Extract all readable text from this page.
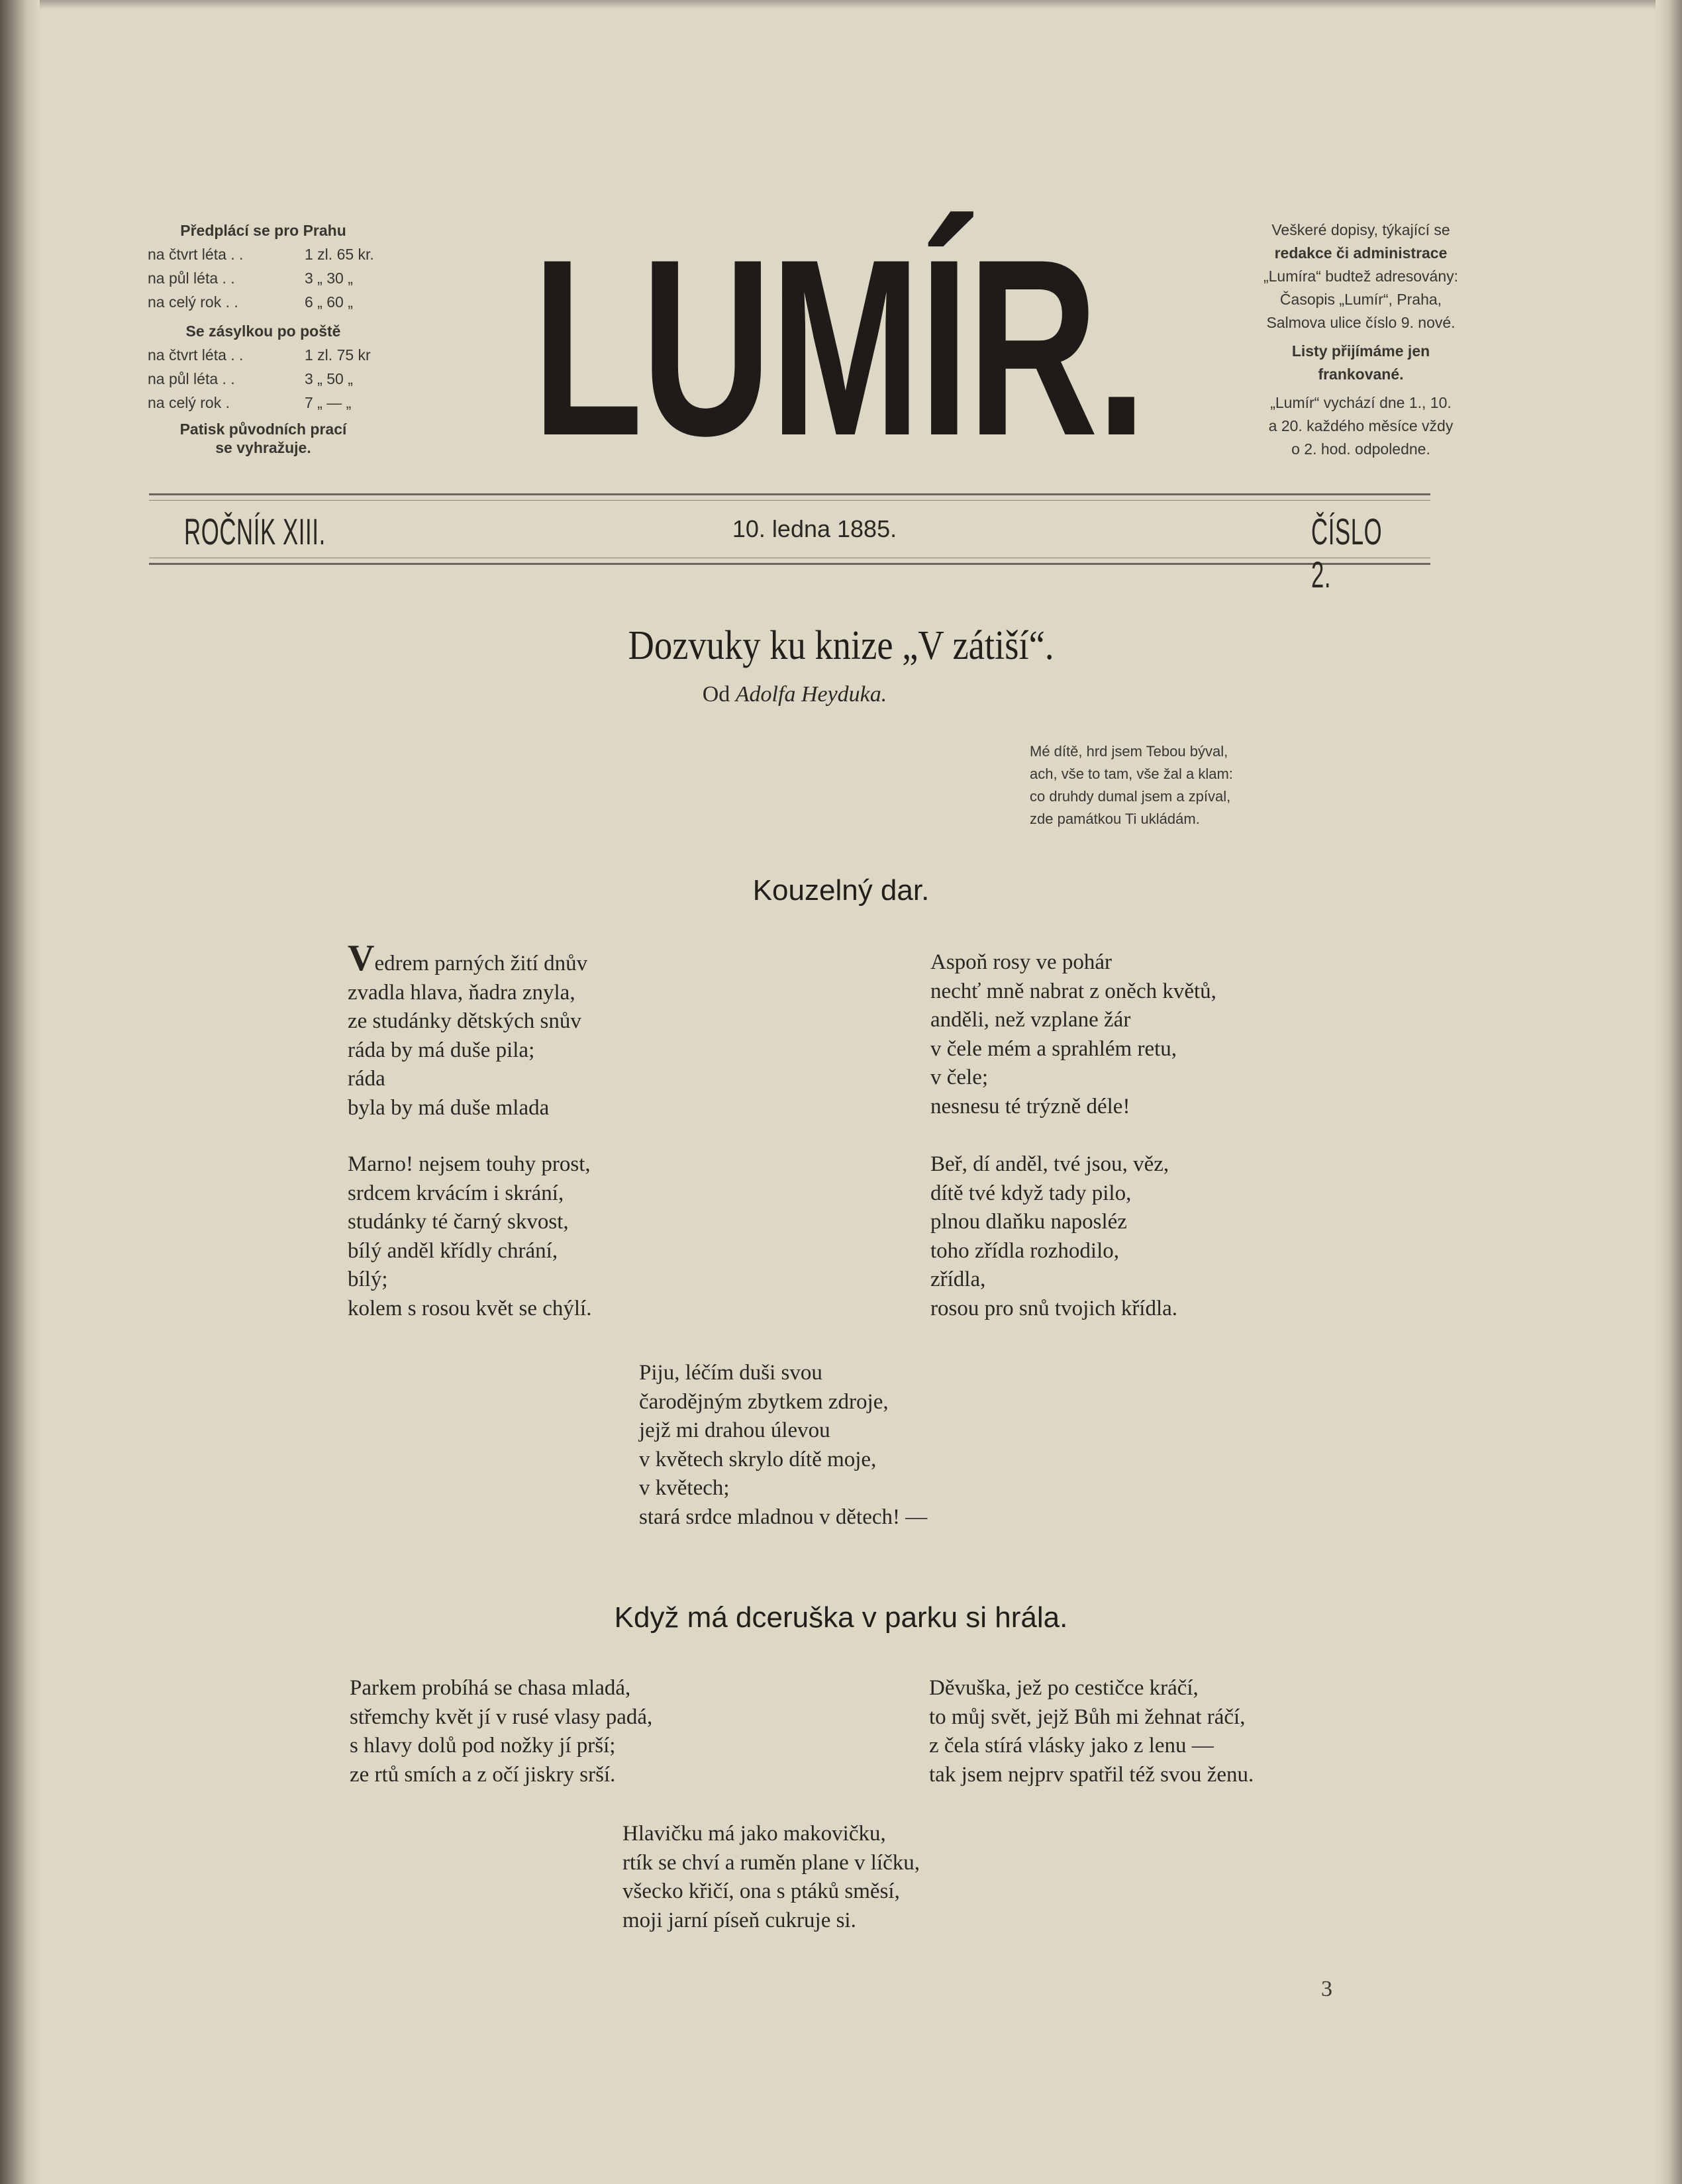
Předplácí se pro Prahu
na čtvrt léta . .	1 zl. 65 kr.
na půl léta . .	3 „ 30 „
na celý rok . .	6 „ 60 „
Se zásylkou po poště
na čtvrt léta . .	1 zl. 75 kr
na půl léta . .	3 „ 50 „
na celý rok .	7 „ — „
Patisk původních prací
se vyhražuje. LUMÍR.	Veškeré dopisy, týkající se
redakce či administrace
„Lumíra“ budtež adresovány:
Časopis „Lumír“, Praha,
Salmova ulice číslo 9. nové.
Listy přijímáme jen
frankované.
„Lumír“ vychází dne 1., 10.
a 20. každého měsíce vždy
o 2. hod. odpoledne.
ROČNÍK XIII.	10. ledna 1885.	ČÍSLO 2.
Dozvuky ku knize „V zátiší“.
Od Adolfa Heyduka.
Mé dítě, hrd jsem Tebou býval,
ach, vše to tam, vše žal a klam:
co druhdy dumal jsem a zpíval,
zde památkou Ti ukládám.
Kouzelný dar.
Vedrem parných žití dnův
zvadla hlava, ňadra znyla,
ze studánky dětských snův
ráda by má duše pila;
ráda
byla by má duše mlada
Marno! nejsem touhy prost,
srdcem krvácím i skrání,
studánky té čarný skvost,
bílý anděl křídly chrání,
bílý;
kolem s rosou květ se chýlí.
Aspoň rosy ve pohár
nechť mně nabrat z oněch květů,
anděli, než vzplane žár
v čele mém a sprahlém retu,
v čele;
nesnesu té trýzně déle!
Beř, dí anděl, tvé jsou, věz,
dítě tvé když tady pilo,
plnou dlaňku naposléz
toho zřídla rozhodilo,
zřídla,
rosou pro snů tvojich křídla.
Piju, léčím duši svou
čarodějným zbytkem zdroje,
jejž mi drahou úlevou
v květech skrylo dítě moje,
v květech;
stará srdce mladnou v dětech! —
Když má dceruška v parku si hrála.
Parkem probíhá se chasa mladá,
střemchy květ jí v rusé vlasy padá,
s hlavy dolů pod nožky jí prší;
ze rtů smích a z očí jiskry srší.
Děvuška, jež po cestičce kráčí,
to můj svět, jejž Bůh mi žehnat ráčí,
z čela stírá vlásky jako z lenu —
tak jsem nejprv spatřil též svou ženu.
Hlavičku má jako makovičku,
rtík se chví a ruměn plane v líčku,
všecko křičí, ona s ptáků směsí,
moji jarní píseň cukruje si.
3
